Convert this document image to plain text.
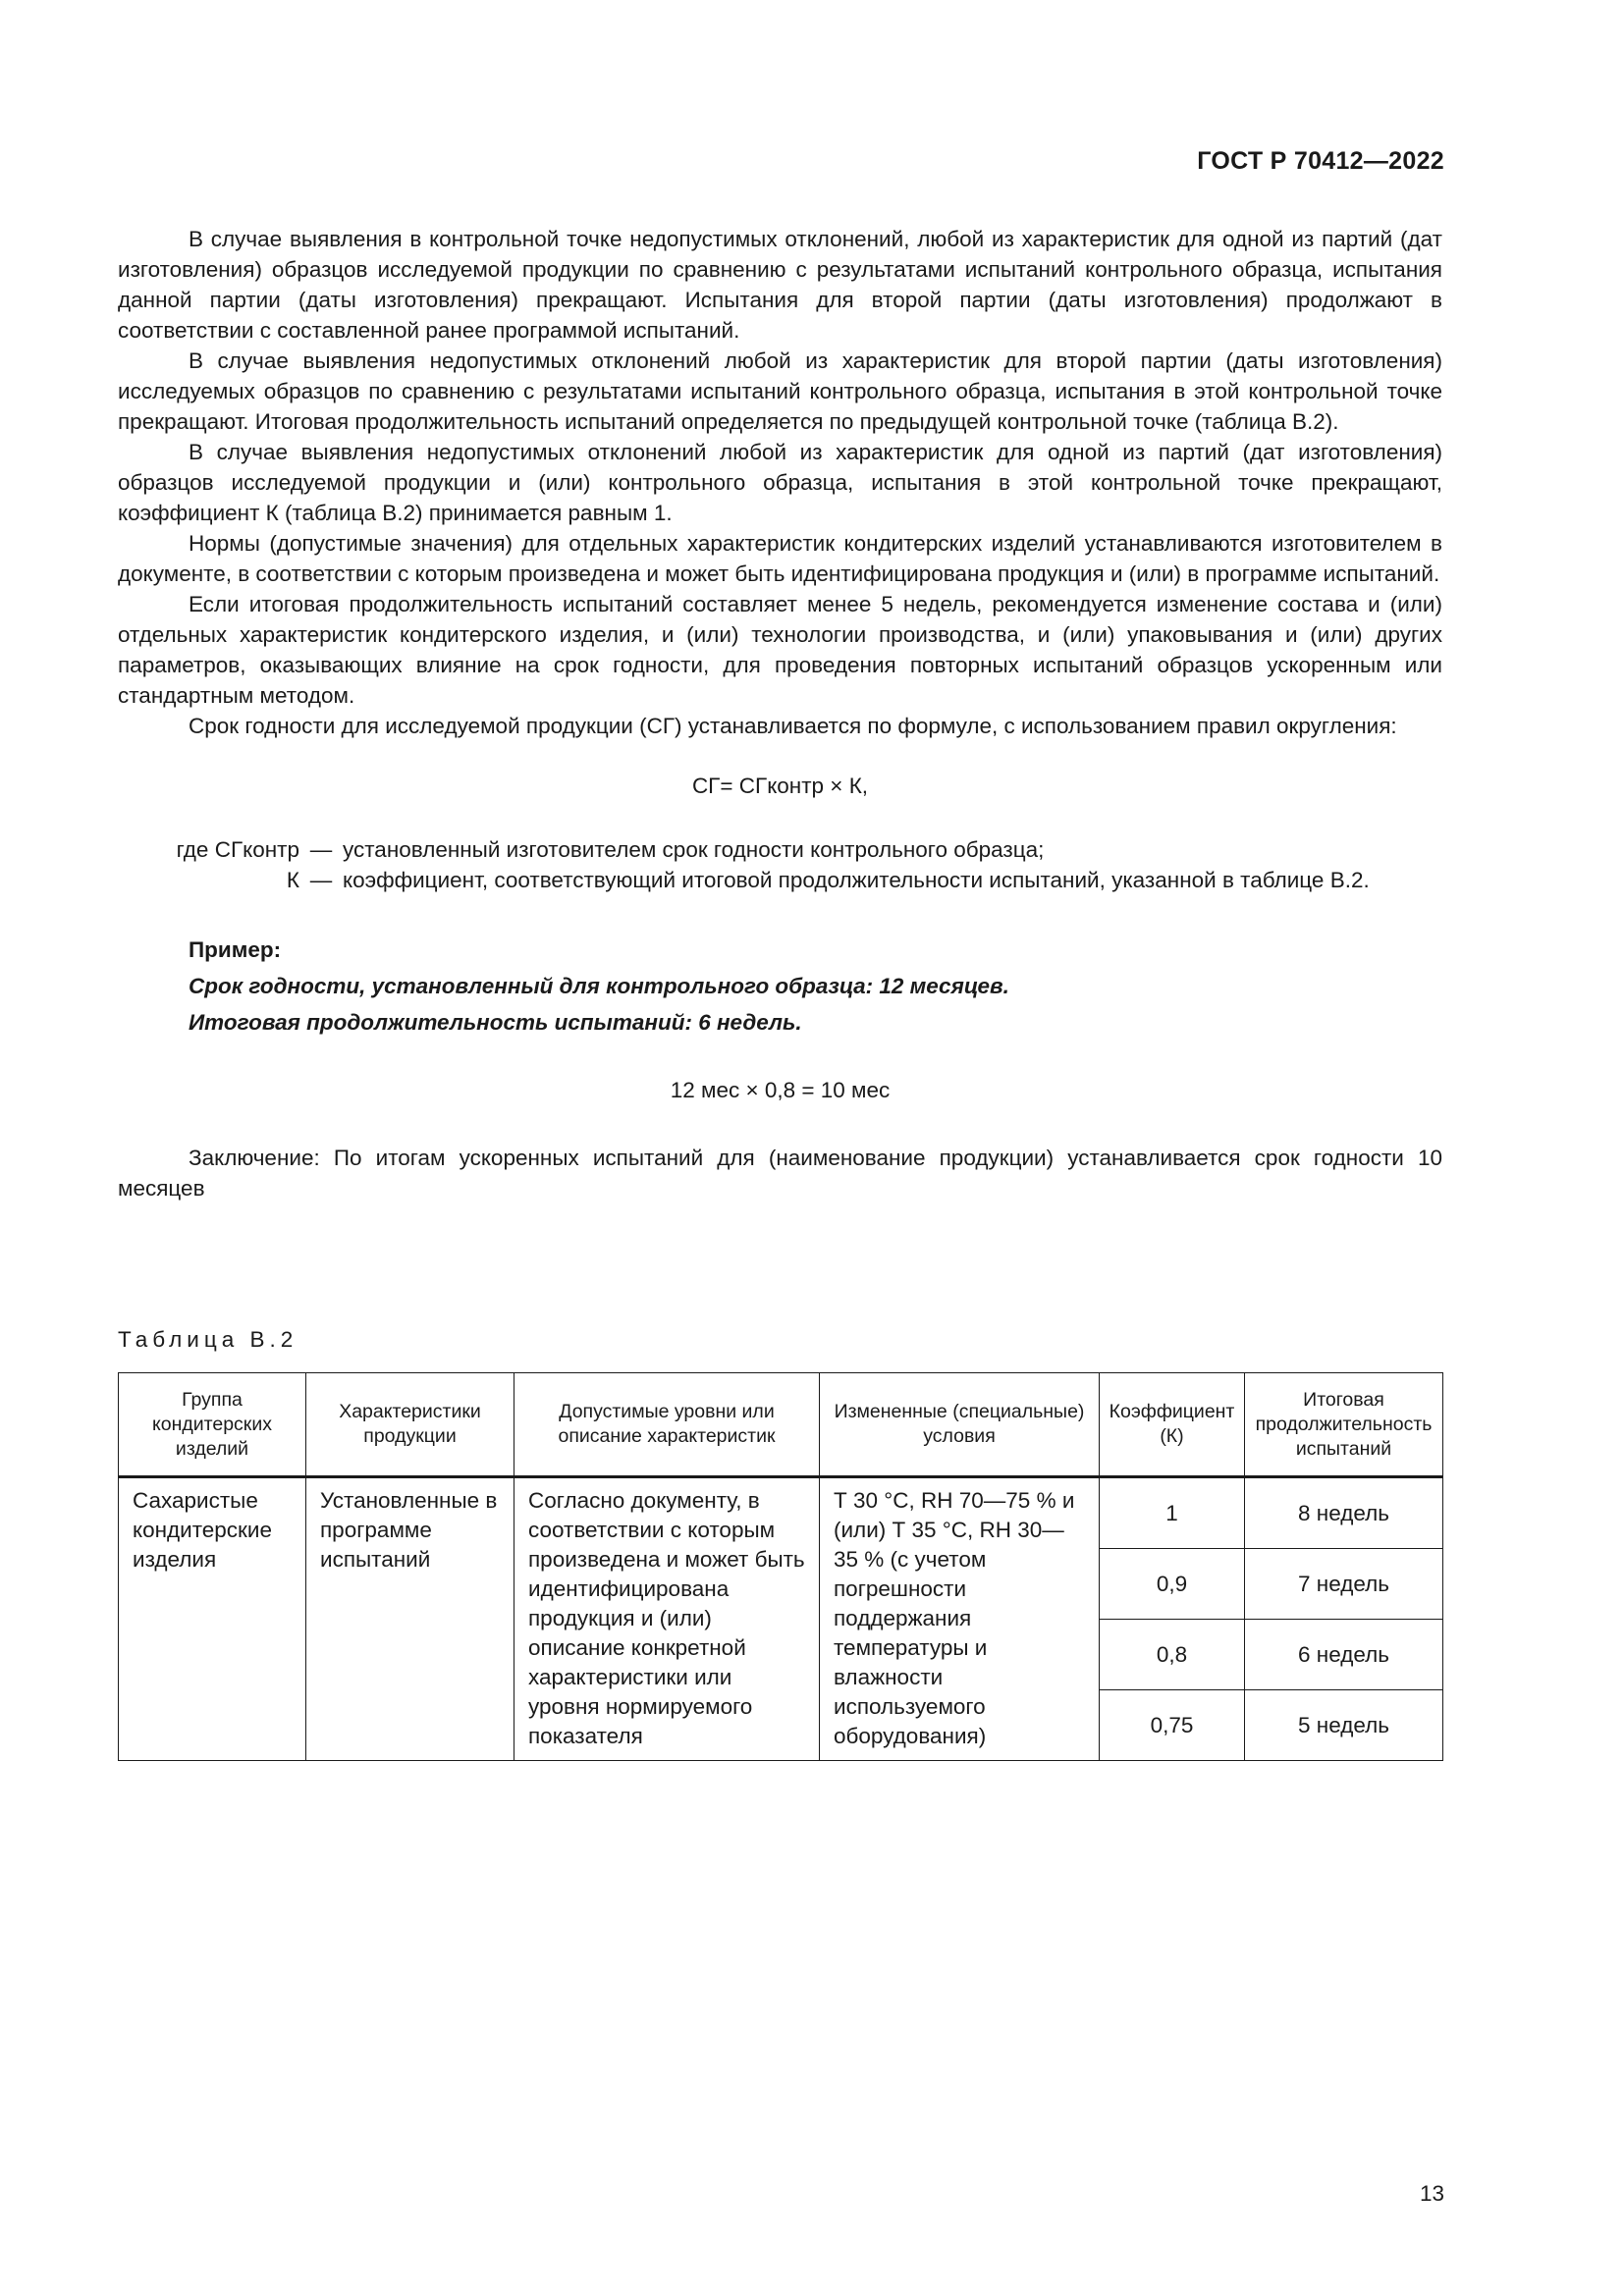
ГОСТ Р 70412—2022

В случае выявления в контрольной точке недопустимых отклонений, любой из характеристик для одной из партий (дат изготовления) образцов исследуемой продукции по сравнению с результатами испытаний контрольного образца, испытания данной партии (даты изготовления) прекращают. Испытания для второй партии (даты изготовления) продолжают в соответствии с составленной ранее программой испытаний.

В случае выявления недопустимых отклонений любой из характеристик для второй партии (даты изготовления) исследуемых образцов по сравнению с результатами испытаний контрольного образца, испытания в этой контрольной точке прекращают. Итоговая продолжительность испытаний определяется по предыдущей контрольной точке (таблица В.2).

В случае выявления недопустимых отклонений любой из характеристик для одной из партий (дат изготовления) образцов исследуемой продукции и (или) контрольного образца, испытания в этой контрольной точке прекращают, коэффициент К (таблица В.2) принимается равным 1.

Нормы (допустимые значения) для отдельных характеристик кондитерских изделий устанавливаются изготовителем в документе, в соответствии с которым произведена и может быть идентифицирована продукция и (или) в программе испытаний.

Если итоговая продолжительность испытаний составляет менее 5 недель, рекомендуется изменение состава и (или) отдельных характеристик кондитерского изделия, и (или) технологии производства, и (или) упаковывания и (или) других параметров, оказывающих влияние на срок годности, для проведения повторных испытаний образцов ускоренным или стандартным методом.

Срок годности для исследуемой продукции (СГ) устанавливается по формуле, с использованием правил округления:

СГ= СГконтр × К,

где СГконтр — установленный изготовителем срок годности контрольного образца;
К — коэффициент, соответствующий итоговой продолжительности испытаний, указанной в таблице В.2.

Пример:

Срок годности, установленный для контрольного образца: 12 месяцев.

Итоговая продолжительность испытаний: 6 недель.

12 мес × 0,8 = 10 мес

Заключение: По итогам ускоренных испытаний для (наименование продукции) устанавливается срок годности 10 месяцев

Таблица В.2
Группа кондитерских изделий	Характеристики продукции	Допустимые уровни или описание характеристик	Измененные (специальные) условия	Коэффициент (К)	Итоговая продолжительность испытаний
Сахаристые кондитерские изделия	Установленные в программе испытаний	Согласно документу, в соответствии с которым произведена и может быть идентифицирована продукция и (или) описание конкретной характеристики или уровня нормируемого показателя	Т 30 °С, RH 70—75 % и (или) Т 35 °С, RH 30—35 % (с учетом погрешности поддержания температуры и влажности используемого оборудования)	1	8 недель
				0,9	7 недель
				0,8	6 недель
				0,75	5 недель
13
